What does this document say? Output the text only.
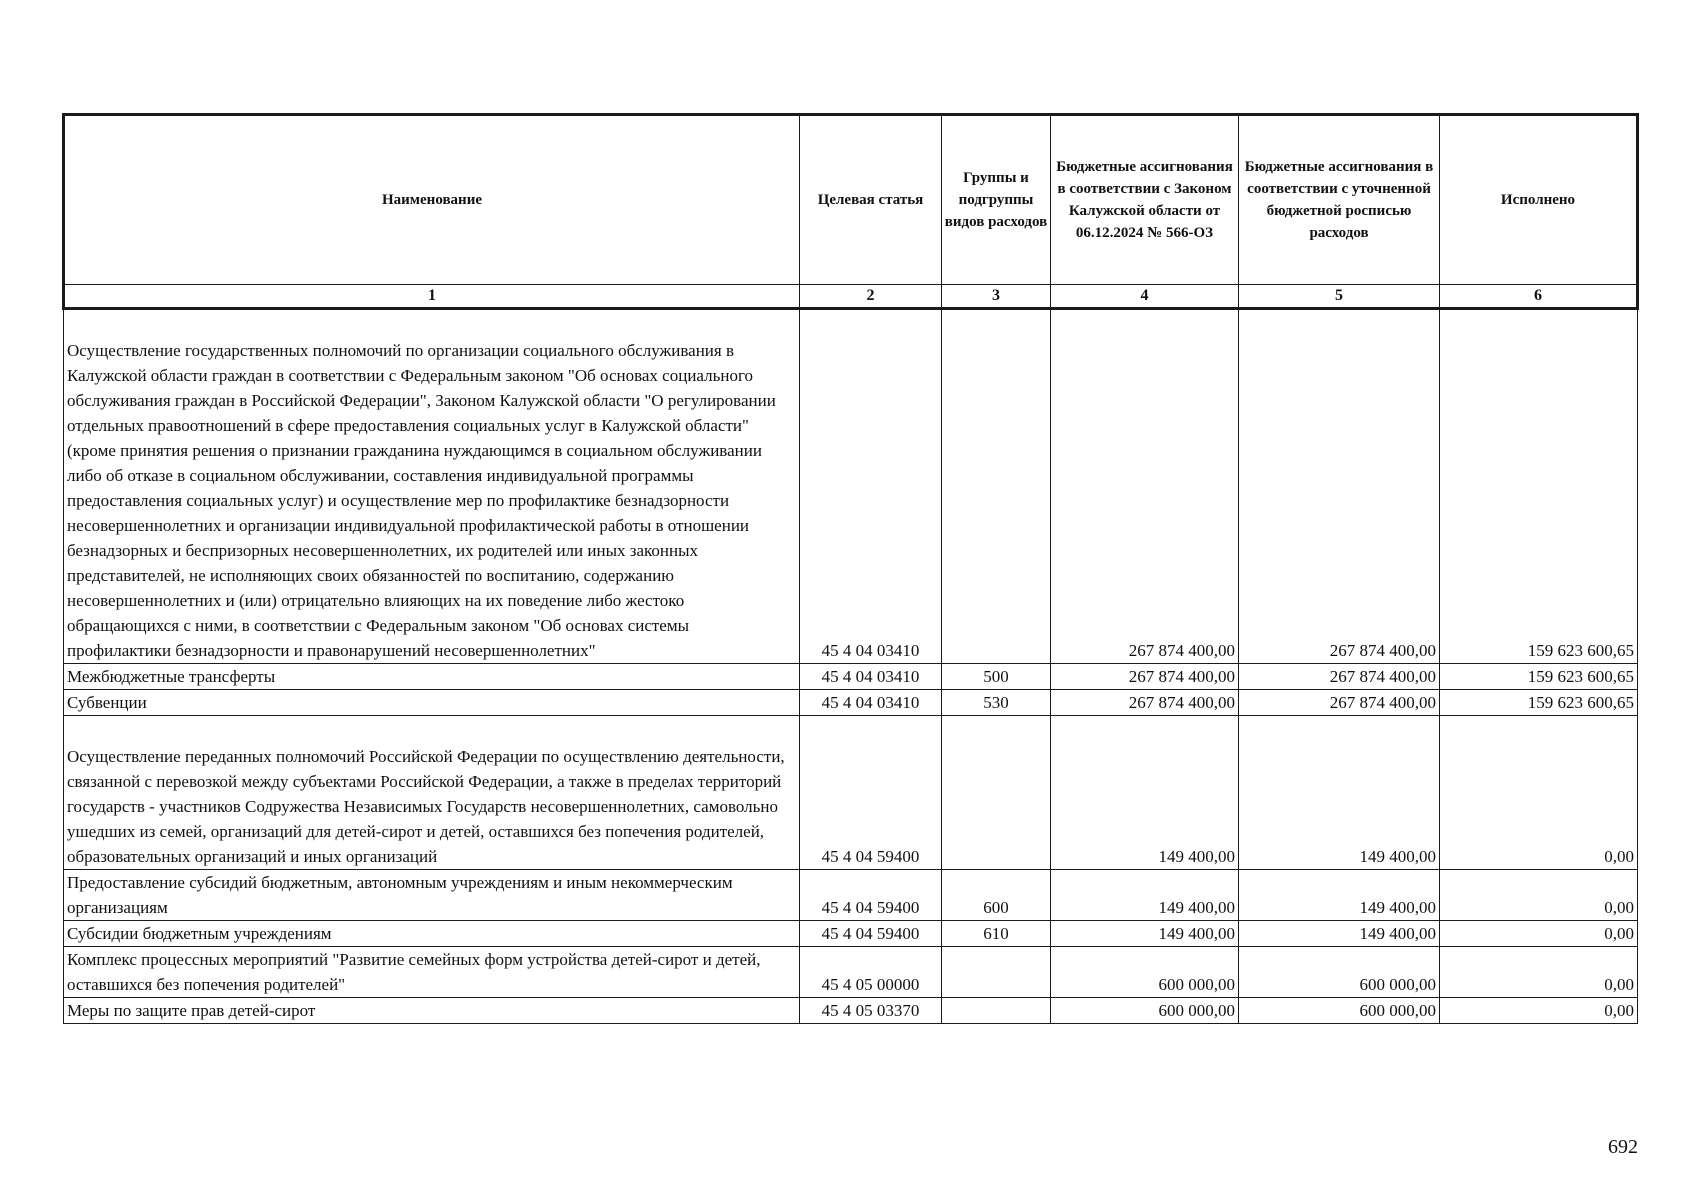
Наименование	Целевая статья	Группы и подгруппы видов расходов	Бюджетные ассигнования в соответствии с Законом Калужской области от 06.12.2024 № 566-ОЗ	Бюджетные ассигнования в соответствии с уточненной бюджетной росписью расходов	Исполнено
1	2	3	4	5	6
Осуществление государственных полномочий по организации социального обслуживания в Калужской области граждан в соответствии с Федеральным законом "Об основах социального обслуживания граждан в Российской Федерации", Законом Калужской области "О регулировании отдельных правоотношений в сфере предоставления социальных услуг в Калужской области" (кроме принятия решения о признании гражданина нуждающимся в социальном обслуживании либо об отказе в социальном обслуживании, составления индивидуальной программы предоставления социальных услуг) и осуществление мер по профилактике безнадзорности несовершеннолетних и организации индивидуальной профилактической работы в отношении безнадзорных и беспризорных несовершеннолетних, их родителей или иных законных представителей, не исполняющих своих обязанностей по воспитанию, содержанию несовершеннолетних и (или) отрицательно влияющих на их поведение либо жестоко обращающихся с ними, в соответствии с Федеральным законом "Об основах системы профилактики безнадзорности и правонарушений несовершеннолетних"	45 4 04 03410		267 874 400,00	267 874 400,00	159 623 600,65
Межбюджетные трансферты	45 4 04 03410	500	267 874 400,00	267 874 400,00	159 623 600,65
Субвенции	45 4 04 03410	530	267 874 400,00	267 874 400,00	159 623 600,65
Осуществление переданных полномочий Российской Федерации по осуществлению деятельности, связанной с перевозкой между субъектами Российской Федерации, а также в пределах территорий государств - участников Содружества Независимых Государств несовершеннолетних, самовольно ушедших из семей, организаций для детей-сирот и детей, оставшихся без попечения родителей, образовательных организаций и иных организаций	45 4 04 59400		149 400,00	149 400,00	0,00
Предоставление субсидий бюджетным, автономным учреждениям и иным некоммерческим организациям	45 4 04 59400	600	149 400,00	149 400,00	0,00
Субсидии бюджетным учреждениям	45 4 04 59400	610	149 400,00	149 400,00	0,00
Комплекс процессных мероприятий "Развитие семейных форм устройства детей-сирот и детей, оставшихся без попечения родителей"	45 4 05 00000		600 000,00	600 000,00	0,00
Меры по защите прав детей-сирот	45 4 05 03370		600 000,00	600 000,00	0,00
692
